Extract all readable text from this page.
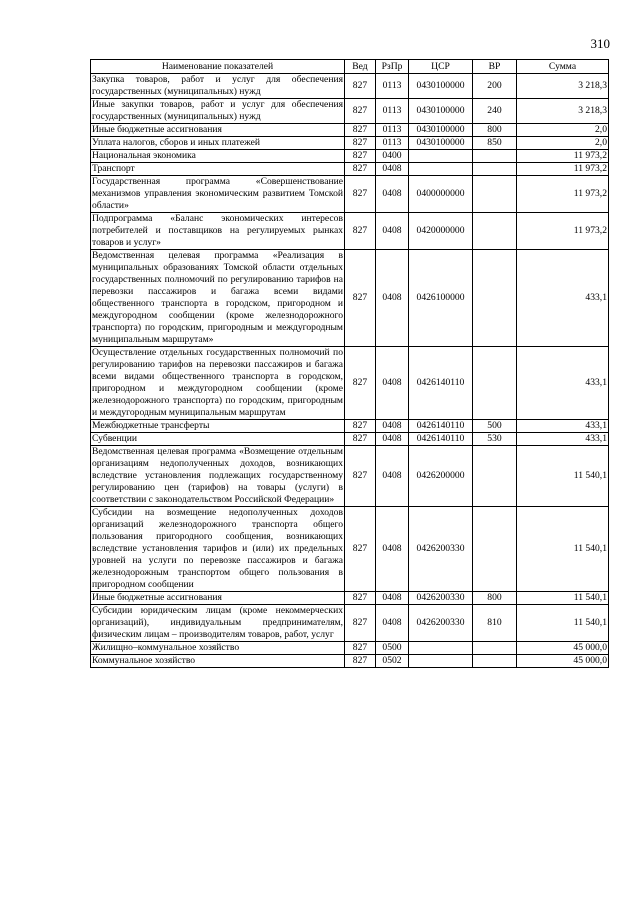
310
Наименование показателей	Вед	РзПр	ЦСР	ВР	Сумма
Закупка товаров, работ и услуг для обеспечения государственных (муниципальных) нужд	827	0113	0430100000	200	3 218,3
Иные закупки товаров, работ и услуг для обеспечения государственных (муниципальных) нужд	827	0113	0430100000	240	3 218,3
Иные бюджетные ассигнования	827	0113	0430100000	800	2,0
Уплата налогов, сборов и иных платежей	827	0113	0430100000	850	2,0
Национальная экономика	827	0400			11 973,2
Транспорт	827	0408			11 973,2
Государственная программа «Совершенствование механизмов управления экономическим развитием Томской области»	827	0408	0400000000		11 973,2
Подпрограмма «Баланс экономических интересов потребителей и поставщиков на регулируемых рынках товаров и услуг»	827	0408	0420000000		11 973,2
Ведомственная целевая программа «Реализация в муниципальных образованиях Томской области отдельных государственных полномочий по регулированию тарифов на перевозки пассажиров и багажа всеми видами общественного транспорта в городском, пригородном и междугородном сообщении (кроме железнодорожного транспорта) по городским, пригородным и междугородным муниципальным маршрутам»	827	0408	0426100000		433,1
Осуществление отдельных государственных полномочий по регулированию тарифов на перевозки пассажиров и багажа всеми видами общественного транспорта в городском, пригородном и междугородном сообщении (кроме железнодорожного транспорта) по городским, пригородным и междугородным муниципальным маршрутам	827	0408	0426140110		433,1
Межбюджетные трансферты	827	0408	0426140110	500	433,1
Субвенции	827	0408	0426140110	530	433,1
Ведомственная целевая программа «Возмещение отдельным организациям недополученных доходов, возникающих вследствие установления подлежащих государственному регулированию цен (тарифов) на товары (услуги) в соответствии с законодательством Российской Федерации»	827	0408	0426200000		11 540,1
Субсидии на возмещение недополученных доходов организаций железнодорожного транспорта общего пользования пригородного сообщения, возникающих вследствие установления тарифов и (или) их предельных уровней на услуги по перевозке пассажиров и багажа железнодорожным транспортом общего пользования в пригородном сообщении	827	0408	0426200330		11 540,1
Иные бюджетные ассигнования	827	0408	0426200330	800	11 540,1
Субсидии юридическим лицам (кроме некоммерческих организаций), индивидуальным предпринимателям, физическим лицам – производителям товаров, работ, услуг	827	0408	0426200330	810	11 540,1
Жилищно–коммунальное хозяйство	827	0500			45 000,0
Коммунальное хозяйство	827	0502			45 000,0
